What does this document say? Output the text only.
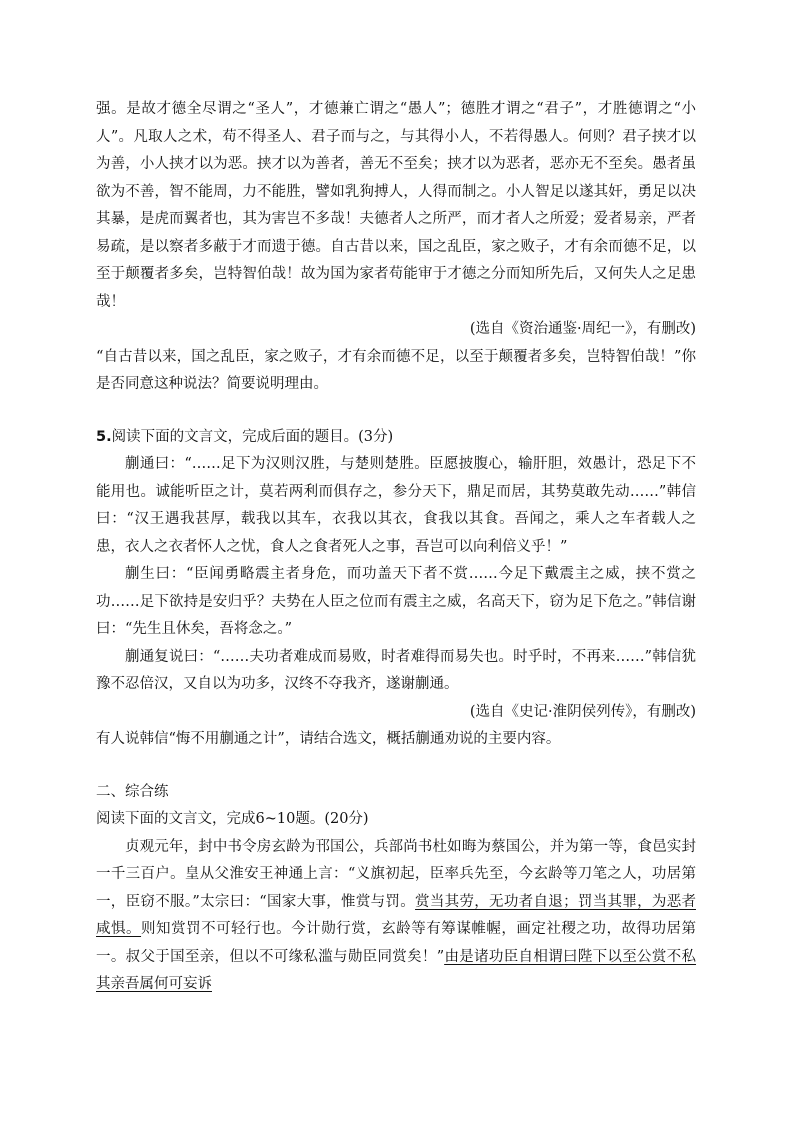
强。是故才德全尽谓之“圣人”，才德兼亡谓之“愚人”；德胜才谓之“君子”，才胜德谓之“小人”。凡取人之术，苟不得圣人、君子而与之，与其得小人，不若得愚人。何则？君子挟才以为善，小人挟才以为恶。挟才以为善者，善无不至矣；挟才以为恶者，恶亦无不至矣。愚者虽欲为不善，智不能周，力不能胜，譬如乳狗搏人，人得而制之。小人智足以遂其奸，勇足以决其暴，是虎而翼者也，其为害岂不多哉！夫德者人之所严，而才者人之所爱；爱者易亲，严者易疏，是以察者多蔽于才而遗于德。自古昔以来，国之乱臣，家之败子，才有余而德不足，以至于颠覆者多矣，岂特智伯哉！故为国为家者苟能审于才德之分而知所先后，又何失人之足患哉！

(选自《资治通鉴·周纪一》，有删改)

“自古昔以来，国之乱臣，家之败子，才有余而德不足，以至于颠覆者多矣，岂特智伯哉！”你是否同意这种说法？简要说明理由。

5.阅读下面的文言文，完成后面的题目。(3分)

蒯通曰：“……足下为汉则汉胜，与楚则楚胜。臣愿披腹心，输肝胆，效愚计，恐足下不能用也。诚能听臣之计，莫若两利而俱存之，参分天下，鼎足而居，其势莫敢先动……”韩信曰：“汉王遇我甚厚，载我以其车，衣我以其衣，食我以其食。吾闻之，乘人之车者载人之患，衣人之衣者怀人之忧，食人之食者死人之事，吾岂可以向利倍义乎！”

蒯生曰：“臣闻勇略震主者身危，而功盖天下者不赏……今足下戴震主之威，挟不赏之功……足下欲持是安归乎？夫势在人臣之位而有震主之威，名高天下，窃为足下危之。”韩信谢曰：“先生且休矣，吾将念之。”

蒯通复说曰：“……夫功者难成而易败，时者难得而易失也。时乎时，不再来……”韩信犹豫不忍倍汉，又自以为功多，汉终不夺我齐，遂谢蒯通。

(选自《史记·淮阴侯列传》，有删改)

有人说韩信“悔不用蒯通之计”，请结合选文，概括蒯通劝说的主要内容。

二、综合练

阅读下面的文言文，完成6~10题。(20分)

贞观元年，封中书令房玄龄为邗国公，兵部尚书杜如晦为蔡国公，并为第一等，食邑实封一千三百户。皇从父淮安王神通上言：“义旗初起，臣率兵先至，今玄龄等刀笔之人，功居第一，臣窃不服。”太宗曰：“国家大事，惟赏与罚。赏当其劳，无功者自退；罚当其罪，为恶者咸惧。则知赏罚不可轻行也。今计勋行赏，玄龄等有筹谋帷幄，画定社稷之功，故得功居第一。叔父于国至亲，但以不可缘私滥与勋臣同赏矣！”由是诸功臣自相谓曰陛下以至公赏不私其亲吾属何可妄诉
